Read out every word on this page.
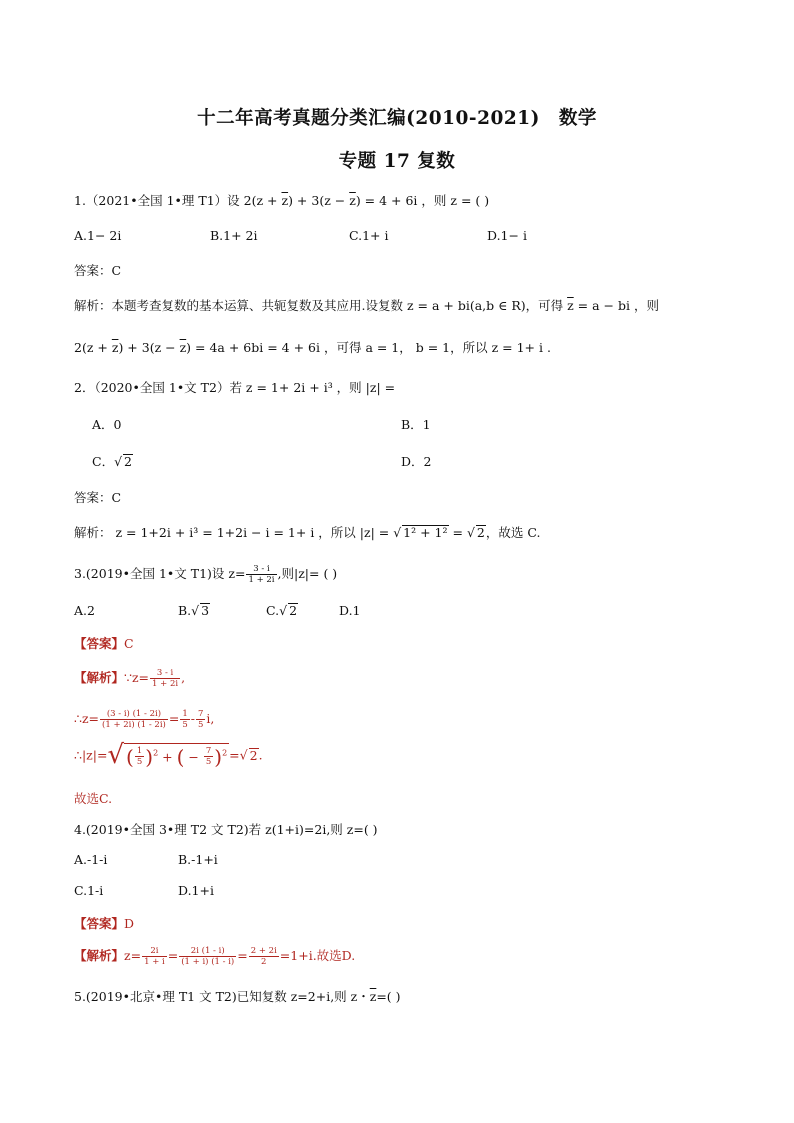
十二年高考真题分类汇编(2010-2021)　数学
专题 17 复数
1.（2021•全国 1•理 T1）设 $2(z + \overline{z}) + 3(z - \overline{z}) = 4 + 6i$ ，则 z = ( )
A.1− 2i	B.1+ 2i	C.1+ i	D.1− i
答案：C
解析：本题考查复数的基本运算、共轭复数及其应用.设复数 z = a + bi(a,b ∈ R)，可得 $\overline{z} = a$ − bi ，则
$2(z + \overline{z}) + 3(z - \overline{z}) = 4a + 6bi = 4 + 6i$ ，可得 a = 1， b = 1，所以 z = 1+ i .
2．（2020•全国 1•文 T2）若 z = 1+ 2i + i³ ，则 |z| =
A．0	B．1
C．√ 2	D．2
答案：C
解析： z = 1+2i + i³ = 1+2i − i = 1+ i ，所以 |z| = √ 1² + 1² = √ 2，故选 C.
3.(2019•全国 1•文 T1)设 $z= \frac{3 - i}{1 + 2i}$ ,则|z|= ( )
A.2	B.√ 3	C.√ 2	D.1
【答案】C
【解析】∵z= $\frac{3 - i}{1 + 2i}$ ,
∴z= $\frac{(3 - i) (1 - 2i)}{(1 + 2i) (1 - 2i)} = \frac{1}{5} - \frac{7}{5} i$,
∴|z|=√ ( $\frac{1}{5} )^2$ + ( − $\frac{7}{5} )^2$ =√ 2.
故选C.
4.(2019•全国 3•理 T2 文 T2)若 z(1+i)=2i,则 z=( )
A.-1-i	B.-1+i
C.1-i	D.1+i
【答案】D
【解析】$z= \frac{2i}{1 + i} = \frac{2i (1 - i)}{(1 + i) (1 - i)} = \frac{2 + 2i}{2} =1+i$.故选D.
5.(2019•北京•理 T1 文 T2)已知复数 z=2+i,则 z・$\overline{z}=$( )
